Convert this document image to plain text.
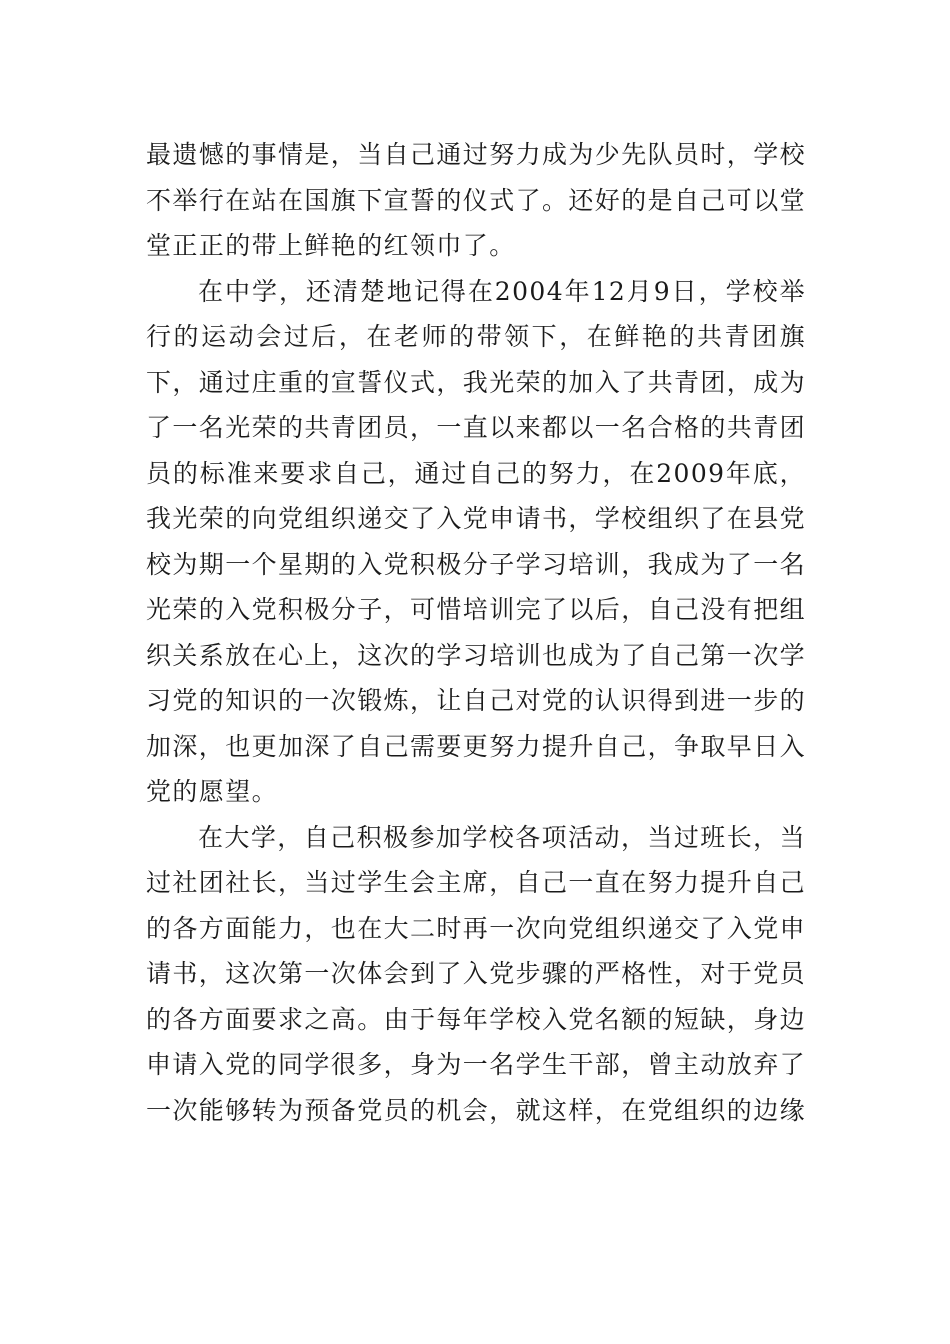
最遗憾的事情是，当自己通过努力成为少先队员时，学校不举行在站在国旗下宣誓的仪式了。还好的是自己可以堂堂正正的带上鲜艳的红领巾了。

在中学，还清楚地记得在2004年12月9日，学校举行的运动会过后，在老师的带领下，在鲜艳的共青团旗下，通过庄重的宣誓仪式，我光荣的加入了共青团，成为了一名光荣的共青团员，一直以来都以一名合格的共青团员的标准来要求自己，通过自己的努力，在2009年底，我光荣的向党组织递交了入党申请书，学校组织了在县党校为期一个星期的入党积极分子学习培训，我成为了一名光荣的入党积极分子，可惜培训完了以后，自己没有把组织关系放在心上，这次的学习培训也成为了自己第一次学习党的知识的一次锻炼，让自己对党的认识得到进一步的加深，也更加深了自己需要更努力提升自己，争取早日入党的愿望。

在大学，自己积极参加学校各项活动，当过班长，当过社团社长，当过学生会主席，自己一直在努力提升自己的各方面能力，也在大二时再一次向党组织递交了入党申请书，这次第一次体会到了入党步骤的严格性，对于党员的各方面要求之高。由于每年学校入党名额的短缺，身边申请入党的同学很多，身为一名学生干部，曾主动放弃了一次能够转为预备党员的机会，就这样，在党组织的边缘
